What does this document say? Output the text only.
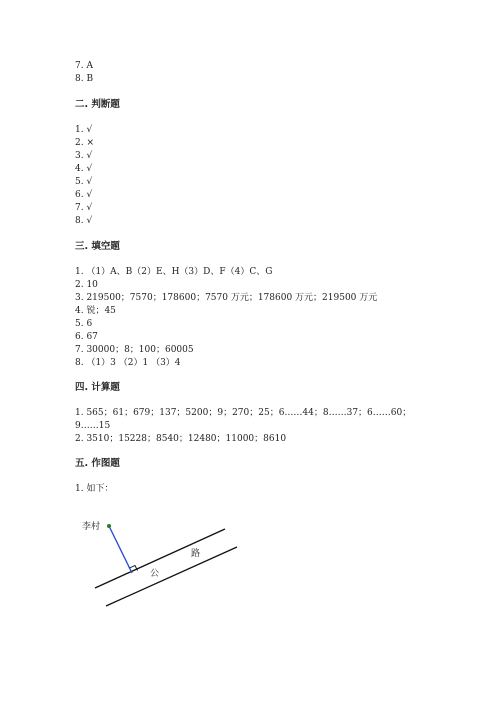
7. A
8. B
二. 判断题
1. √
2. ×
3. √
4. √
5. √
6. √
7. √
8. √
三. 填空题
1. （1）A、B（2）E、H（3）D、F（4）C、G
2. 10
3. 219500；7570；178600；7570 万元；178600 万元；219500 万元
4. 锐；45
5. 6
6. 67
7. 30000；8；100；60005
8. （1）3 （2）1 （3）4
四. 计算题
1. 565；61；679；137；5200；9；270；25；6……44；8……37；6……60；
9……15
2. 3510；15228；8540；12480；11000；8610
五. 作图题
1. 如下：
李村
公
路
